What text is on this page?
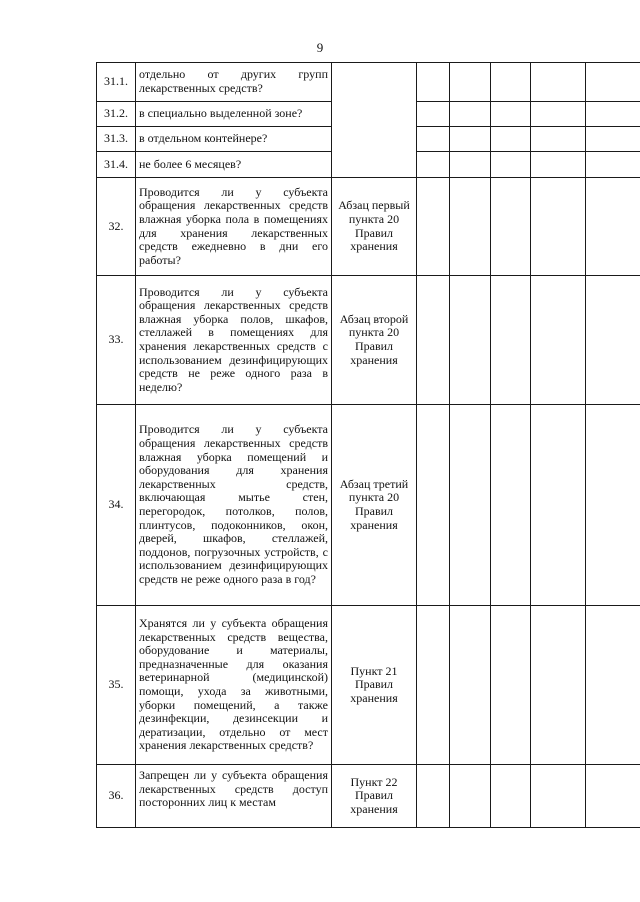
9
31.1.	отдельно от других групп лекарственных средств?						
31.2.	в специально выделенной зоне?						
31.3.	в отдельном контейнере?						
31.4.	не более 6 месяцев?						
32.	Проводится ли у субъекта обращения лекарственных средств влажная уборка пола в помещениях для хранения лекарственных средств ежедневно в дни его работы?	Абзац первый пункта 20 Правил хранения					
33.	Проводится ли у субъекта обращения лекарственных средств влажная уборка полов, шкафов, стеллажей в помещениях для хранения лекарственных средств с использованием дезинфицирующих средств не реже одного раза в неделю?	Абзац второй пункта 20 Правил хранения					
34.	Проводится ли у субъекта обращения лекарственных средств влажная уборка помещений и оборудования для хранения лекарственных средств, включающая мытье стен, перегородок, потолков, полов, плинтусов, подоконников, окон, дверей, шкафов, стеллажей, поддонов, погрузочных устройств, с использованием дезинфицирующих средств не реже одного раза в год?	Абзац третий пункта 20 Правил хранения					
35.	Хранятся ли у субъекта обращения лекарственных средств вещества, оборудование и материалы, предназначенные для оказания ветеринарной (медицинской) помощи, ухода за животными, уборки помещений, а также дезинфекции, дезинсекции и дератизации, отдельно от мест хранения лекарственных средств?	Пункт 21 Правил хранения					
36.	Запрещен ли у субъекта обращения лекарственных средств доступ посторонних лиц к местам	Пункт 22 Правил хранения					
